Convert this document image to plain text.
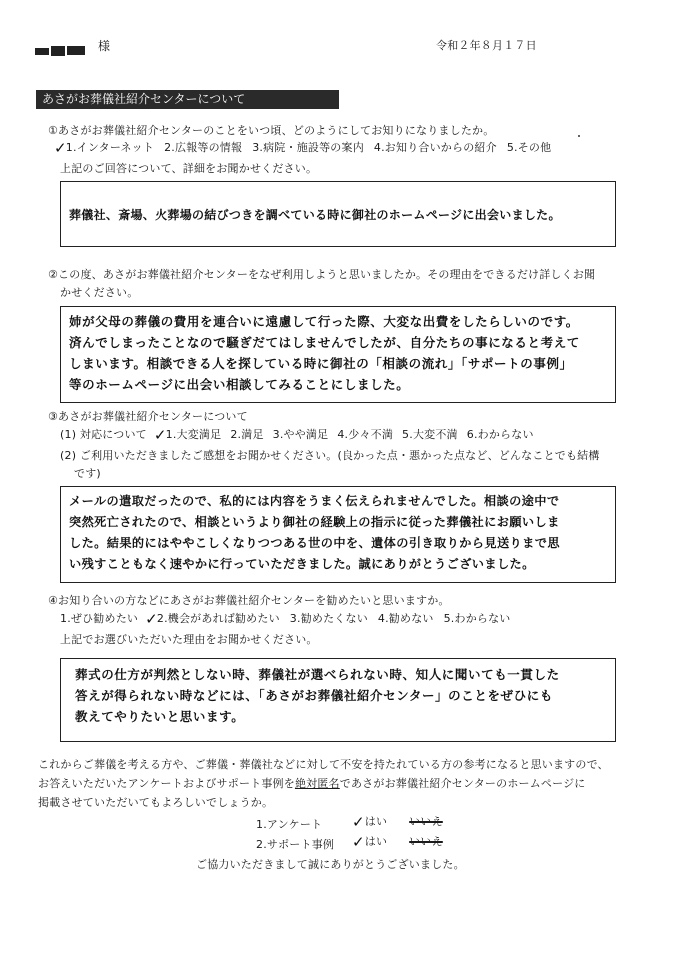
様	令和２年８月１７日
あさがお葬儀社紹介センターについて
①あさがお葬儀社紹介センターのことをいつ頃、どのようにしてお知りになりましたか。
✓ 1.インターネット 2.広報等の情報 3.病院・施設等の案内 4.お知り合いからの紹介 5.その他
上記のご回答について、詳細をお聞かせください。
葬儀社、斎場、火葬場の結びつきを調べている時に御社のホームページに出会いました。
②この度、あさがお葬儀社紹介センターをなぜ利用しようと思いましたか。その理由をできるだけ詳しくお聞
かせください。
姉が父母の葬儀の費用を連合いに遠慮して行った際、大変な出費をしたらしいのです。
済んでしまったことなので騒ぎだてはしませんでしたが、自分たちの事になると考えて
しまいます。相談できる人を探している時に御社の「相談の流れ」「サポートの事例」
等のホームページに出会い相談してみることにしました。
③あさがお葬儀社紹介センターについて
(1) 対応について ✓ 1.大変満足 2.満足 3.やや満足 4.少々不満 5.大変不満 6.わからない
(2) ご利用いただきましたご感想をお聞かせください。(良かった点・悪かった点など、どんなことでも結構
です)
メールの遣取だったので、私的には内容をうまく伝えられませんでした。相談の途中で
突然死亡されたので、相談というより御社の経験上の指示に従った葬儀社にお願いしま
した。結果的にはややこしくなりつつある世の中を、遺体の引き取りから見送りまで思
い残すこともなく速やかに行っていただきました。誠にありがとうございました。
④お知り合いの方などにあさがお葬儀社紹介センターを勧めたいと思いますか。
1.ぜひ勧めたい ✓ 2.機会があれば勧めたい 3.勧めたくない 4.勧めない 5.わからない
上記でお選びいただいた理由をお聞かせください。
葬式の仕方が判然としない時、葬儀社が選べられない時、知人に聞いても一貫した
答えが得られない時などには、「あさがお葬儀社紹介センター」のことをぜひにも
教えてやりたいと思います。
これからご葬儀を考える方や、ご葬儀・葬儀社などに対して不安を持たれている方の参考になると思いますので、
お答えいただいたアンケートおよびサポート事例を絶対匿名であさがお葬儀社紹介センターのホームページに
掲載させていただいてもよろしいでしょうか。
1.アンケート ✓ はい いいえ
2.サポート事例 ✓ はい いいえ
ご協力いただきまして誠にありがとうございました。
